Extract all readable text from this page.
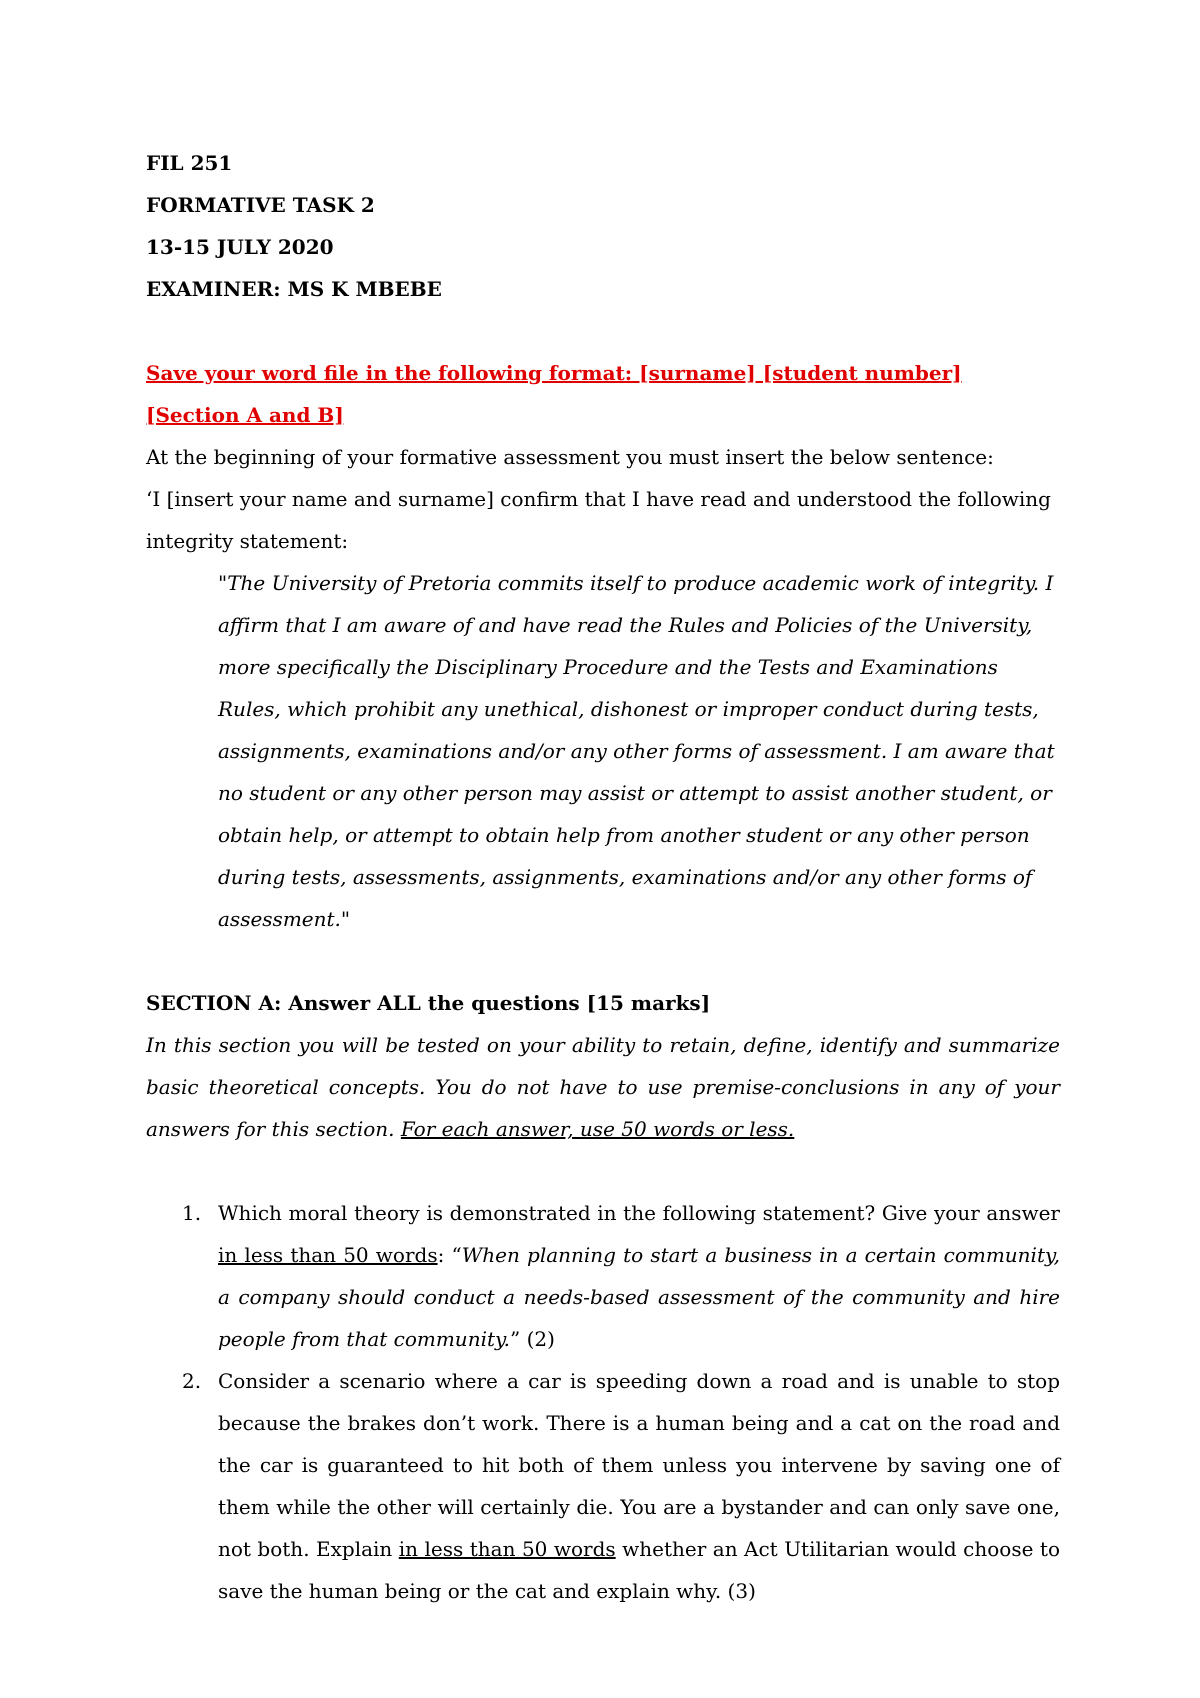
FIL 251
FORMATIVE TASK 2
13-15 JULY 2020
EXAMINER: MS K MBEBE
Save your word file in the following format: [surname] [student number] [Section A and B]
At the beginning of your formative assessment you must insert the below sentence:
‘I [insert your name and surname] confirm that I have read and understood the following integrity statement:
"The University of Pretoria commits itself to produce academic work of integrity. I affirm that I am aware of and have read the Rules and Policies of the University, more specifically the Disciplinary Procedure and the Tests and Examinations Rules, which prohibit any unethical, dishonest or improper conduct during tests, assignments, examinations and/or any other forms of assessment. I am aware that no student or any other person may assist or attempt to assist another student, or obtain help, or attempt to obtain help from another student or any other person during tests, assessments, assignments, examinations and/or any other forms of assessment."
SECTION A: Answer ALL the questions [15 marks]
In this section you will be tested on your ability to retain, define, identify and summarize basic theoretical concepts. You do not have to use premise-conclusions in any of your answers for this section. For each answer, use 50 words or less.
1. Which moral theory is demonstrated in the following statement? Give your answer in less than 50 words: “When planning to start a business in a certain community, a company should conduct a needs-based assessment of the community and hire people from that community.” (2)
2. Consider a scenario where a car is speeding down a road and is unable to stop because the brakes don’t work. There is a human being and a cat on the road and the car is guaranteed to hit both of them unless you intervene by saving one of them while the other will certainly die. You are a bystander and can only save one, not both. Explain in less than 50 words whether an Act Utilitarian would choose to save the human being or the cat and explain why. (3)
